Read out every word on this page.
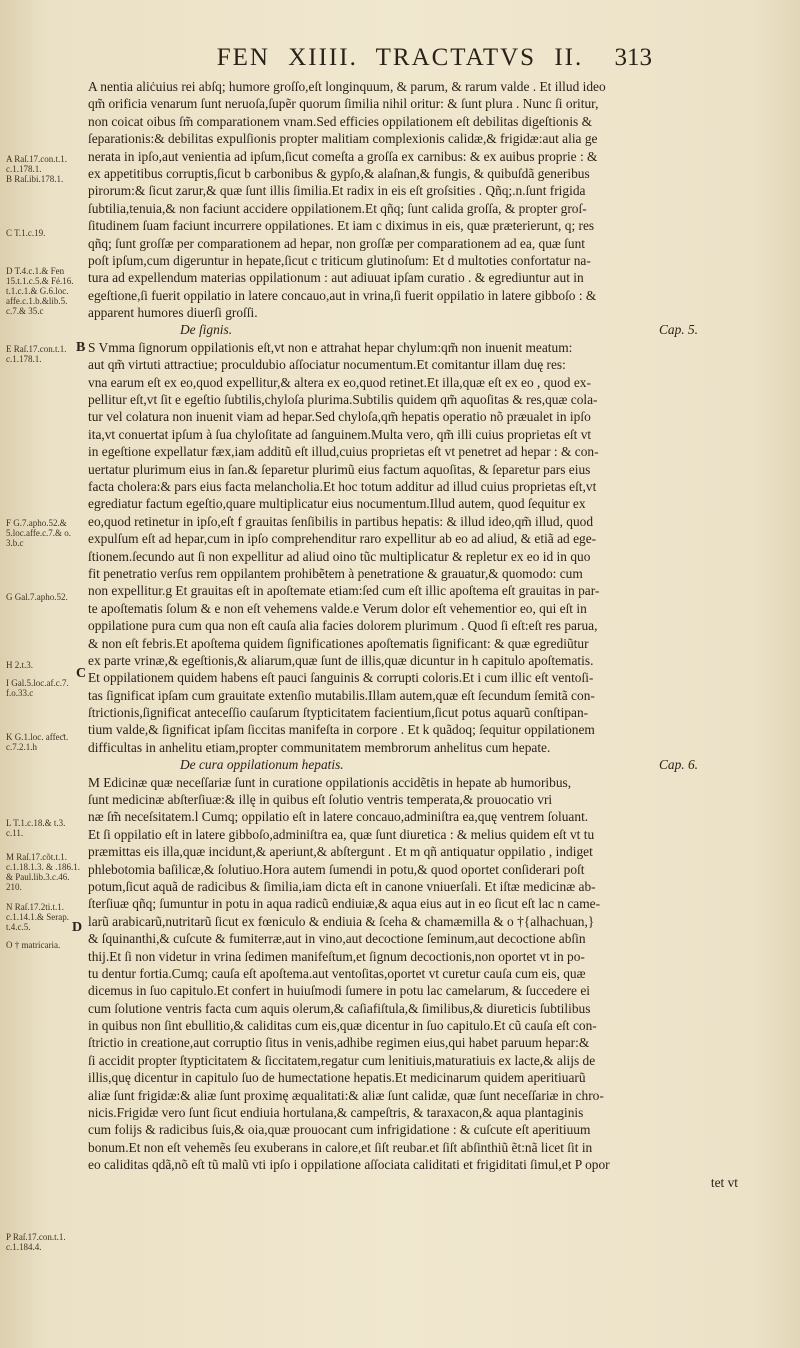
FEN XIIII. TRACTATVS II.	313
A Raſ.17.con.t.1.
c.1.178.1.
B Raſ.ibi.178.1.
C T.1.c.19.
D T.4.c.1.& Fen
15.t.1.c.5.& Fé.16.
t.1.c.1.& G.6.loc.
affe.c.1.b.&lib.5.
c.7.& 35.c
E Raſ.17.con.t.1.
c.1.178.1.
F G.7.apho.52.&
5.loc.affe.c.7.& o.
3.b.c
G Gal.7.apho.52.
H 2.t.3.
I Gal.5.loc.af.c.7.
f.o.33.c
K G.1.loc. affeƈt.
c.7.2.1.h
L T.1.c.18.& t.3.
c.11.
M Raſ.17.cõt.t.1.
c.1.18.1.3. & .186.1.
& Paul.lib.3.c.46.
210.
N Raſ.17.2ti.t.1.
c.1.14.1.& Serap.
t.4.c.5.
O † matricaria.
P Raſ.17.con.t.1.
c.1.184.4.
B
C
D
A nentia aliċuius rei abſq; humore groſſo,eſt longinquum, & parum, & rarum valde . Et illud ideo
qm̃ orificia venarum ſunt neruoſa,ſupẽr quorum ſimilia nihil oritur: & ſunt plura . Nunc ſi oritur,
non coicat oibus ſm̃ comparationem vnam.Sed efficies oppilationem eſt debilitas digeſtionis &
ſeparationis:& debilitas expulſionis propter malitiam complexionis calidæ,& frigidæ:aut alia ge
nerata in ipſo,aut venientia ad ipſum,ſicut comeſta a groſſa ex carnibus: & ex auibus proprie : &
ex appetitibus corruptis,ſicut b carbonibus & gypſo,& alaſnan,& fungis, & quibuſdã generibus
pirorum:& ſicut zarur,& quæ ſunt illis ſimilia.Et radix in eis eſt groſsities . Qñq;.n.ſunt frigida
ſubtilia,tenuia,& non faciunt accidere oppilationem.Et qñq; ſunt calida groſſa, & propter groſ-
ſitudinem ſuam faciunt incurrere oppilationes. Et iam c diximus in eis, quæ præterierunt, q; res
qñq; ſunt groſſæ per comparationem ad hepar, non groſſæ per comparationem ad ea, quæ ſunt
poſt ipſum,cum digeruntur in hepate,ſicut c triticum glutinoſum: Et d multoties confortatur na-
tura ad expellendum materias oppilationum : aut adiuuat ipſam curatio . & egrediuntur aut in
egeſtione,ſi fuerit oppilatio in latere concauo,aut in vrina,ſi fuerit oppilatio in latere gibboſo : &
apparent humores diuerſi groſſi.
De ſignis.	Cap. 5.
S Vmma ſignorum oppilationis eſt,vt non e attrahat hepar chylum:qm̃ non inuenit meatum:
aut qm̃ virtuti attractiue; proculdubio aſſociatur nocumentum.Et comitantur illam duę res:
vna earum eſt ex eo,quod expellitur,& altera ex eo,quod retinet.Et illa,quæ eſt ex eo , quod ex-
pellitur eſt,vt ſit e egeſtio ſubtilis,chyloſa plurima.Subtilis quidem qm̃ aquoſitas & res,quæ cola-
tur vel colatura non inuenit viam ad hepar.Sed chyloſa,qm̃ hepatis operatio nõ præualet in ipſo
ita,vt conuertat ipſum à ſua chyloſitate ad ſanguinem.Multa vero, qm̃ illi cuius proprietas eſt vt
in egeſtione expellatur fæx,iam additũ eſt illud,cuius proprietas eſt vt penetret ad hepar : & con-
uertatur plurimum eius in ſan.& ſeparetur plurimũ eius factum aquoſitas, & ſeparetur pars eius
facta cholera:& pars eius facta melancholia.Et hoc totum additur ad illud cuius proprietas eſt,vt
egrediatur factum egeſtio,quare multiplicatur eius nocumentum.Illud autem, quod ſequitur ex
eo,quod retinetur in ipſo,eſt f grauitas ſenſibilis in partibus hepatis: & illud ideo,qm̃ illud, quod
expulſum eſt ad hepar,cum in ipſo comprehenditur raro expellitur ab eo ad aliud, & etiã ad ege-
ſtionem.ſecundo aut ſi non expellitur ad aliud oino tũc multiplicatur & repletur ex eo id in quo
fit penetratio verſus rem oppilantem prohibẽtem à penetratione & grauatur,& quomodo: cum
non expellitur.g Et grauitas eſt in apoſtemate etiam:ſed cum eſt illic apoſtema eſt grauitas in par-
te apoſtematis ſolum & e non eſt vehemens valde.e Verum dolor eſt vehementior eo, qui eſt in
oppilatione pura cum qua non eſt cauſa alia facies dolorem plurimum . Quod ſi eſt:eſt res parua,
& non eſt febris.Et apoſtema quidem ſignificationes apoſtematis ſignificant: & quæ egrediũtur
ex parte vrinæ,& egeſtionis,& aliarum,quæ ſunt de illis,quæ dicuntur in h capitulo apoſtematis.
Et oppilationem quidem habens eſt pauci ſanguinis & corrupti coloris.Et i cum illic eſt ventoſi-
tas ſignificat ipſam cum grauitate extenſio mutabilis.Illam autem,quæ eſt ſecundum ſemitã con-
ſtrictionis,ſignificat anteceſſio cauſarum ſtypticitatem facientium,ſicut potus aquarũ conſtipan-
tium valde,& ſignificat ipſam ſiccitas manifeſta in corpore . Et k quãdoq; ſequitur oppilationem
difficultas in anhelitu etiam,propter communitatem membrorum anhelitus cum hepate.
De cura oppilationum hepatis.	Cap. 6.
M Edicinæ quæ neceſſariæ ſunt in curatione oppilationis accidẽtis in hepate ab humoribus,
ſunt medicinæ abſterſiuæ:& illę in quibus eſt ſolutio ventris temperata,& prouocatio vri
næ ſm̃ neceſsitatem.l Cumq; oppilatio eſt in latere concauo,adminiſtra ea,quę ventrem ſoluant.
Et ſi oppilatio eſt in latere gibboſo,adminiſtra ea, quæ ſunt diuretica : & melius quidem eſt vt tu
præmittas eis illa,quæ incidunt,& aperiunt,& abſtergunt . Et m qñ antiquatur oppilatio , indiget
phlebotomia baſilicæ,& ſolutiuo.Hora autem ſumendi in potu,& quod oportet conſiderari poſt
potum,ſicut aquã de radicibus & ſimilia,iam dicta eſt in canone vniuerſali. Et iſtæ medicinæ ab-
ſterſiuæ qñq; ſumuntur in potu in aqua radicũ endiuiæ,& aqua eius aut in eo ſicut eſt lac n came-
larũ arabicarũ,nutritarũ ſicut ex fœniculo & endiuia & ſceha & chamæmilla & o †{alhachuan,}
& ſquinanthi,& cuſcute & fumiterræ,aut in vino,aut decoctione ſeminum,aut decoctione abſin
thij.Et ſi non videtur in vrina ſedimen manifeſtum,et ſignum decoctionis,non oportet vt in po-
tu dentur fortia.Cumq; cauſa eſt apoſtema.aut ventoſitas,oportet vt curetur cauſa cum eis, quæ
dicemus in ſuo capitulo.Et confert in huiuſmodi ſumere in potu lac camelarum, & ſuccedere ei
cum ſolutione ventris facta cum aquis olerum,& caſiafiſtula,& ſimilibus,& diureticis ſubtilibus
in quibus non ſint ebullitio,& caliditas cum eis,quæ dicentur in ſuo capitulo.Et cũ cauſa eſt con-
ſtrictio in creatione,aut corruptio ſitus in venis,adhibe regimen eius,qui habet paruum hepar:&
ſi accidit propter ſtypticitatem & ſiccitatem,regatur cum lenitiuis,maturatiuis ex lacte,& alijs de
illis,quę dicentur in capitulo ſuo de humectatione hepatis.Et medicinarum quidem aperitiuarũ
aliæ ſunt frigidæ:& aliæ ſunt proximę æqualitati:& aliæ ſunt calidæ, quæ ſunt neceſſariæ in chro-
nicis.Frigidæ vero ſunt ſicut endiuia hortulana,& campeſtris, & taraxacon,& aqua plantaginis
cum folijs & radicibus ſuis,& oia,quæ prouocant cum infrigidatione : & cuſcute eſt aperitiuum
bonum.Et non eſt vehemẽs ſeu exuberans in calore,et ſiſt reubar.et ſiſt abſinthiũ ẽt:nã licet ſit in
eo caliditas qdã,nõ eſt tũ malũ vti ipſo i oppilatione aſſociata caliditati et frigiditati ſimul,et P opor
tet vt
